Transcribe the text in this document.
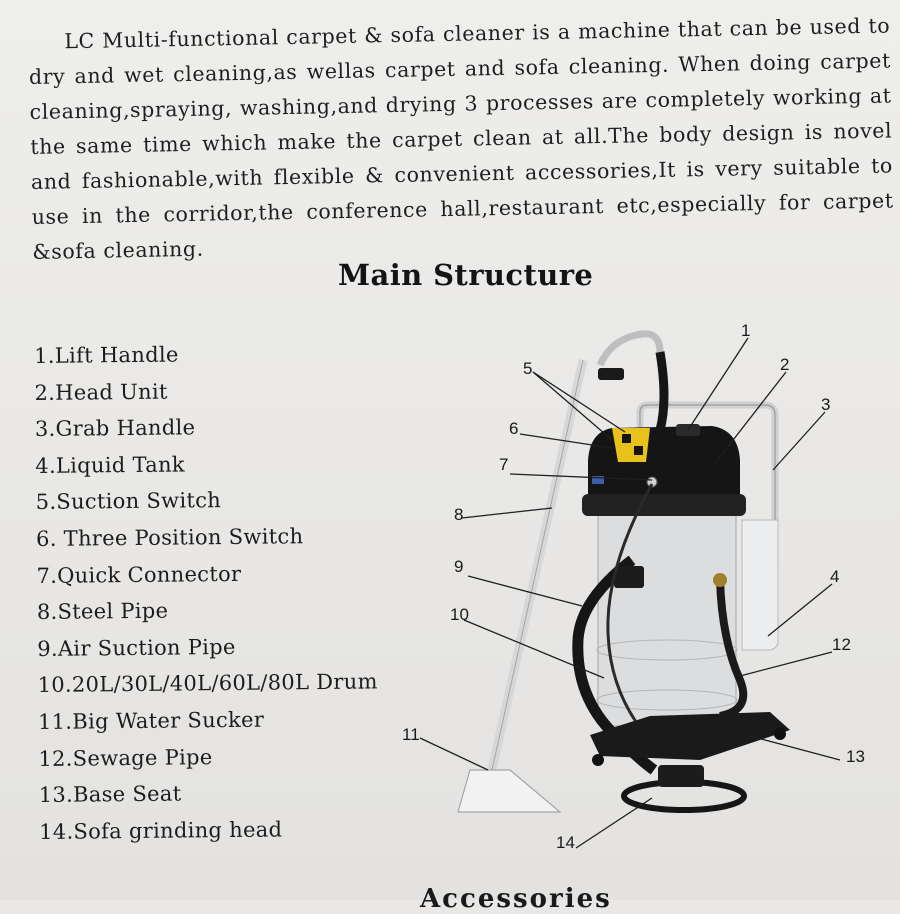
LC Multi-functional carpet & sofa cleaner is a machine that can be used to dry and wet cleaning,as wellas carpet and sofa cleaning. When doing carpet cleaning,spraying, washing,and drying 3 processes are completely working at the same time which make the carpet clean at all.The body design is novel and fashionable,with flexible & convenient accessories,It is very suitable to use in the corridor,the conference hall,restaurant etc,especially for carpet &sofa cleaning.

Main Structure
1.Lift Handle
2.Head Unit
3.Grab Handle
4.Liquid Tank
5.Suction Switch
6. Three Position Switch
7.Quick Connector
8.Steel Pipe
9.Air Suction Pipe
10.20L/30L/40L/60L/80L Drum
11.Big Water Sucker
12.Sewage Pipe
13.Base Seat
14.Sofa grinding head
1
2
3
4
5
6
7
8
9
10
11
12
13
14
Accessories
